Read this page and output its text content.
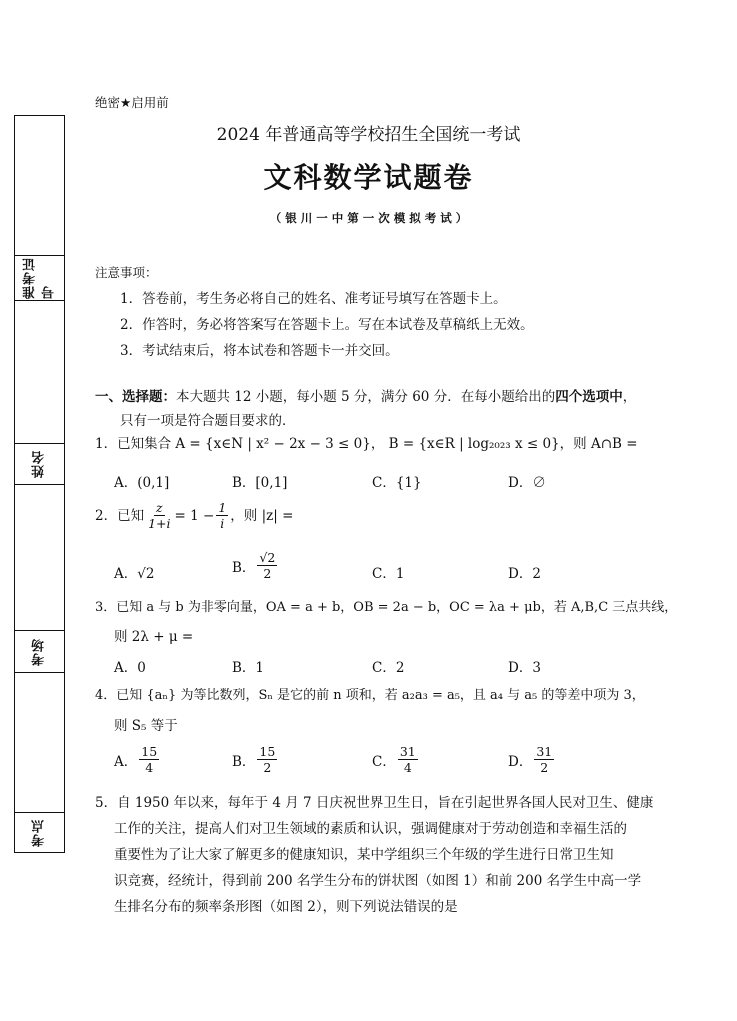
绝密★启用前
2024 年普通高等学校招生全国统一考试
文科数学试题卷
（ 银 川 一 中 第 一 次 模 拟 考 试 ）
准考证号
姓名
考场
考点
注意事项：
1．答卷前，考生务必将自己的姓名、准考证号填写在答题卡上。
2．作答时，务必将答案写在答题卡上。写在本试卷及草稿纸上无效。
3．考试结束后，将本试卷和答题卡一并交回。
一、选择题：本大题共 12 小题，每小题 5 分，满分 60 分．在每小题给出的四个选项中，
只有一项是符合题目要求的．
1．已知集合 A = {x∈N | x² − 2x − 3 ≤ 0}， B = {x∈R | log₂₀₂₃ x ≤ 0}，则 A∩B =
A．(0,1]	B．[0,1]	C．{1}	D．∅
2．已知 $\frac{z}{1+i} = 1 - \frac{1}{i}$ ，则 |z| =
A．√2	B． $\frac{√2}{2}$	C．1	D．2
3．已知 a 与 b 为非零向量，OA = a + b，OB = 2a − b，OC = λa + μb，若 A,B,C 三点共线，
则 2λ + μ =
A．0	B．1	C．2	D．3
4．已知 {aₙ} 为等比数列，Sₙ 是它的前 n 项和，若 a₂a₃ = a₅，且 a₄ 与 a₅ 的等差中项为 3，
则 S₅ 等于
A． $\frac{15}{4}$	B． $\frac{15}{2}$	C． $\frac{31}{4}$	D． $\frac{31}{2}$
5．自 1950 年以来，每年于 4 月 7 日庆祝世界卫生日，旨在引起世界各国人民对卫生、健康
工作的关注，提高人们对卫生领域的素质和认识，强调健康对于劳动创造和幸福生活的
重要性为了让大家了解更多的健康知识，某中学组织三个年级的学生进行日常卫生知
识竞赛，经统计，得到前 200 名学生分布的饼状图（如图 1）和前 200 名学生中高一学
生排名分布的频率条形图（如图 2），则下列说法错误的是
